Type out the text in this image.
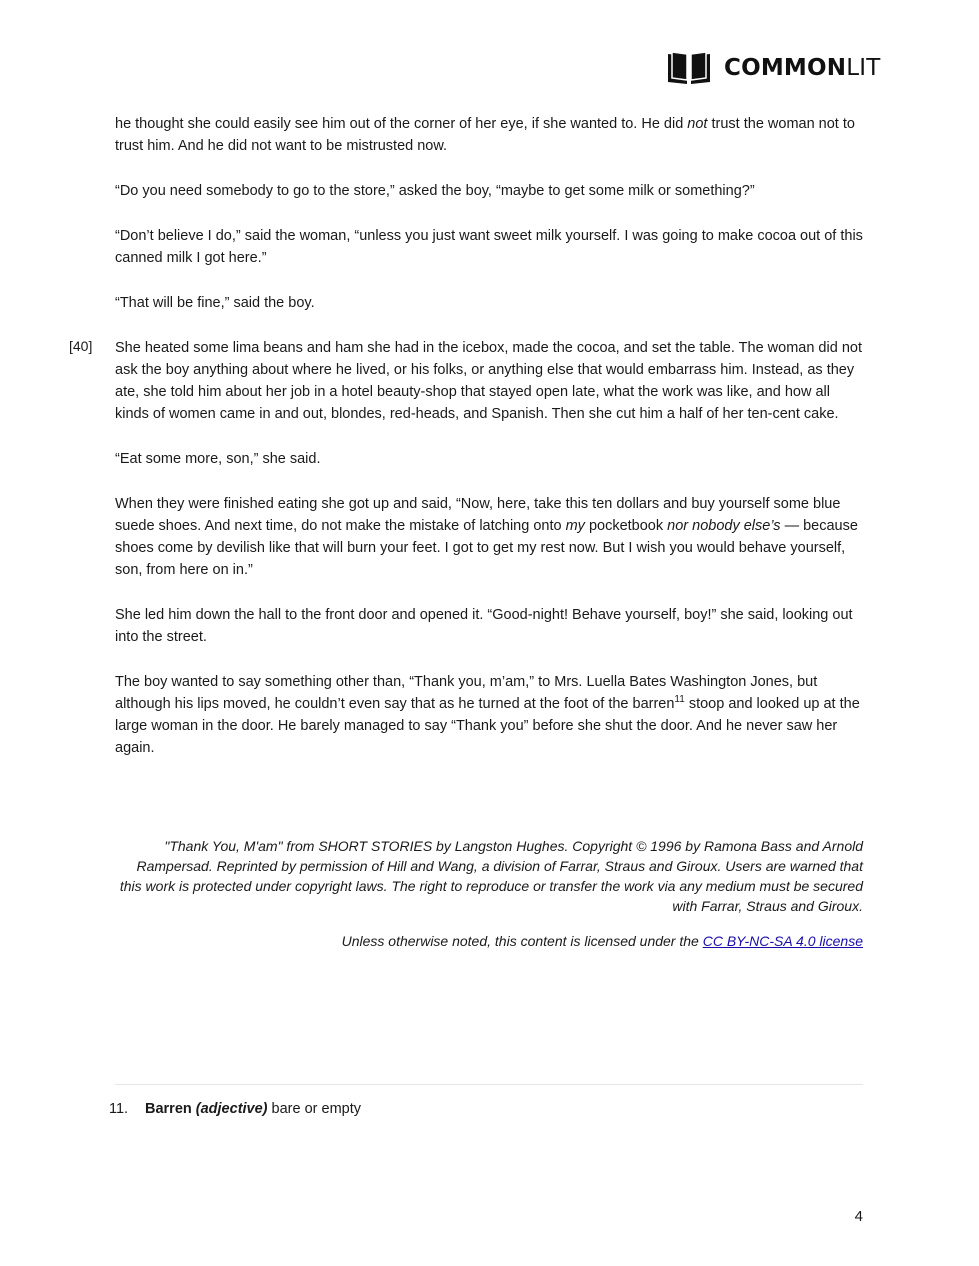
COMMONLIT

he thought she could easily see him out of the corner of her eye, if she wanted to. He did not trust the woman not to trust him. And he did not want to be mistrusted now.

“Do you need somebody to go to the store,” asked the boy, “maybe to get some milk or something?”

“Don’t believe I do,” said the woman, “unless you just want sweet milk yourself. I was going to make cocoa out of this canned milk I got here.”

“That will be fine,” said the boy.

[40] She heated some lima beans and ham she had in the icebox, made the cocoa, and set the table. The woman did not ask the boy anything about where he lived, or his folks, or anything else that would embarrass him. Instead, as they ate, she told him about her job in a hotel beauty-shop that stayed open late, what the work was like, and how all kinds of women came in and out, blondes, red-heads, and Spanish. Then she cut him a half of her ten-cent cake.

“Eat some more, son,” she said.

When they were finished eating she got up and said, “Now, here, take this ten dollars and buy yourself some blue suede shoes. And next time, do not make the mistake of latching onto my pocketbook nor nobody else’s — because shoes come by devilish like that will burn your feet. I got to get my rest now. But I wish you would behave yourself, son, from here on in.”

She led him down the hall to the front door and opened it. “Good-night! Behave yourself, boy!” she said, looking out into the street.

The boy wanted to say something other than, “Thank you, m’am,” to Mrs. Luella Bates Washington Jones, but although his lips moved, he couldn’t even say that as he turned at the foot of the barren$^{11}$ stoop and looked up at the large woman in the door. He barely managed to say “Thank you” before she shut the door. And he never saw her again.

"Thank You, M'am" from SHORT STORIES by Langston Hughes. Copyright © 1996 by Ramona Bass and Arnold Rampersad. Reprinted by permission of Hill and Wang, a division of Farrar, Straus and Giroux. Users are warned that this work is protected under copyright laws. The right to reproduce or transfer the work via any medium must be secured with Farrar, Straus and Giroux.
Unless otherwise noted, this content is licensed under the CC BY-NC-SA 4.0 license
11. Barren (adjective) bare or empty
4
